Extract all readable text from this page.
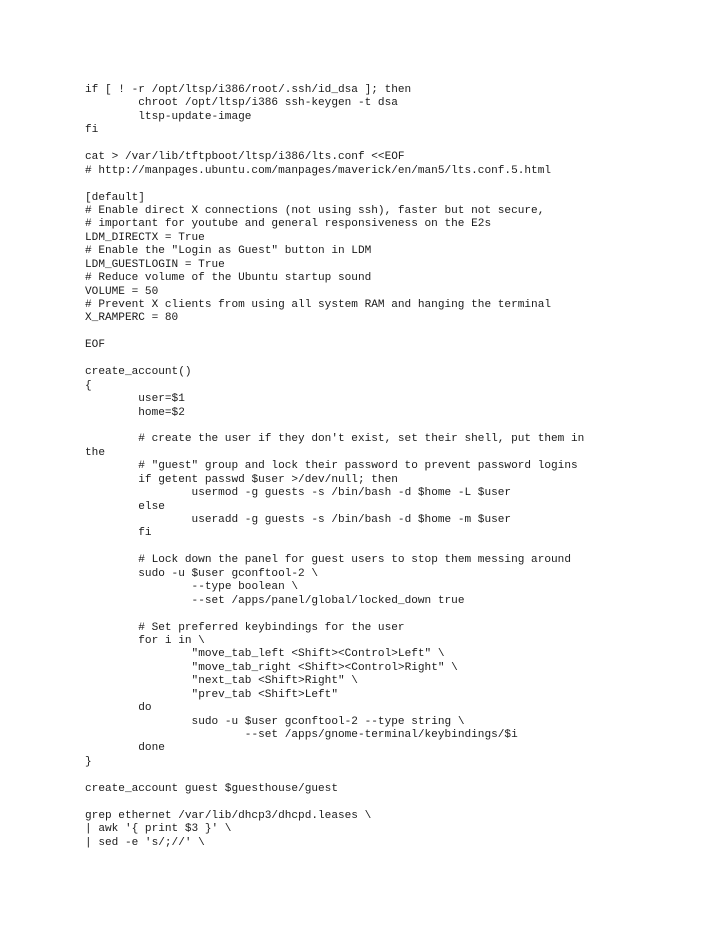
if [ ! -r /opt/ltsp/i386/root/.ssh/id_dsa ]; then
	chroot /opt/ltsp/i386 ssh-keygen -t dsa
	ltsp-update-image
fi
cat > /var/lib/tftpboot/ltsp/i386/lts.conf <<EOF
# http://manpages.ubuntu.com/manpages/maverick/en/man5/lts.conf.5.html
[default]
# Enable direct X connections (not using ssh), faster but not secure,
# important for youtube and general responsiveness on the E2s
LDM_DIRECTX = True
# Enable the "Login as Guest" button in LDM
LDM_GUESTLOGIN = True
# Reduce volume of the Ubuntu startup sound
VOLUME = 50
# Prevent X clients from using all system RAM and hanging the terminal
X_RAMPERC = 80
EOF
create_account()
{
	user=$1
	home=$2
	# create the user if they don't exist, set their shell, put them in
the
	# "guest" group and lock their password to prevent password logins
	if getent passwd $user >/dev/null; then
		usermod -g guests -s /bin/bash -d $home -L $user
	else
		useradd -g guests -s /bin/bash -d $home -m $user
	fi
	# Lock down the panel for guest users to stop them messing around
	sudo -u $user gconftool-2 \
		--type boolean \
		--set /apps/panel/global/locked_down true
	# Set preferred keybindings for the user
	for i in \
		"move_tab_left <Shift><Control>Left" \
		"move_tab_right <Shift><Control>Right" \
		"next_tab <Shift>Right" \
		"prev_tab <Shift>Left"
	do
		sudo -u $user gconftool-2 --type string \
			--set /apps/gnome-terminal/keybindings/$i
	done
}
create_account guest $guesthouse/guest
grep ethernet /var/lib/dhcp3/dhcpd.leases \
| awk '{ print $3 }' \
| sed -e 's/;//' \
